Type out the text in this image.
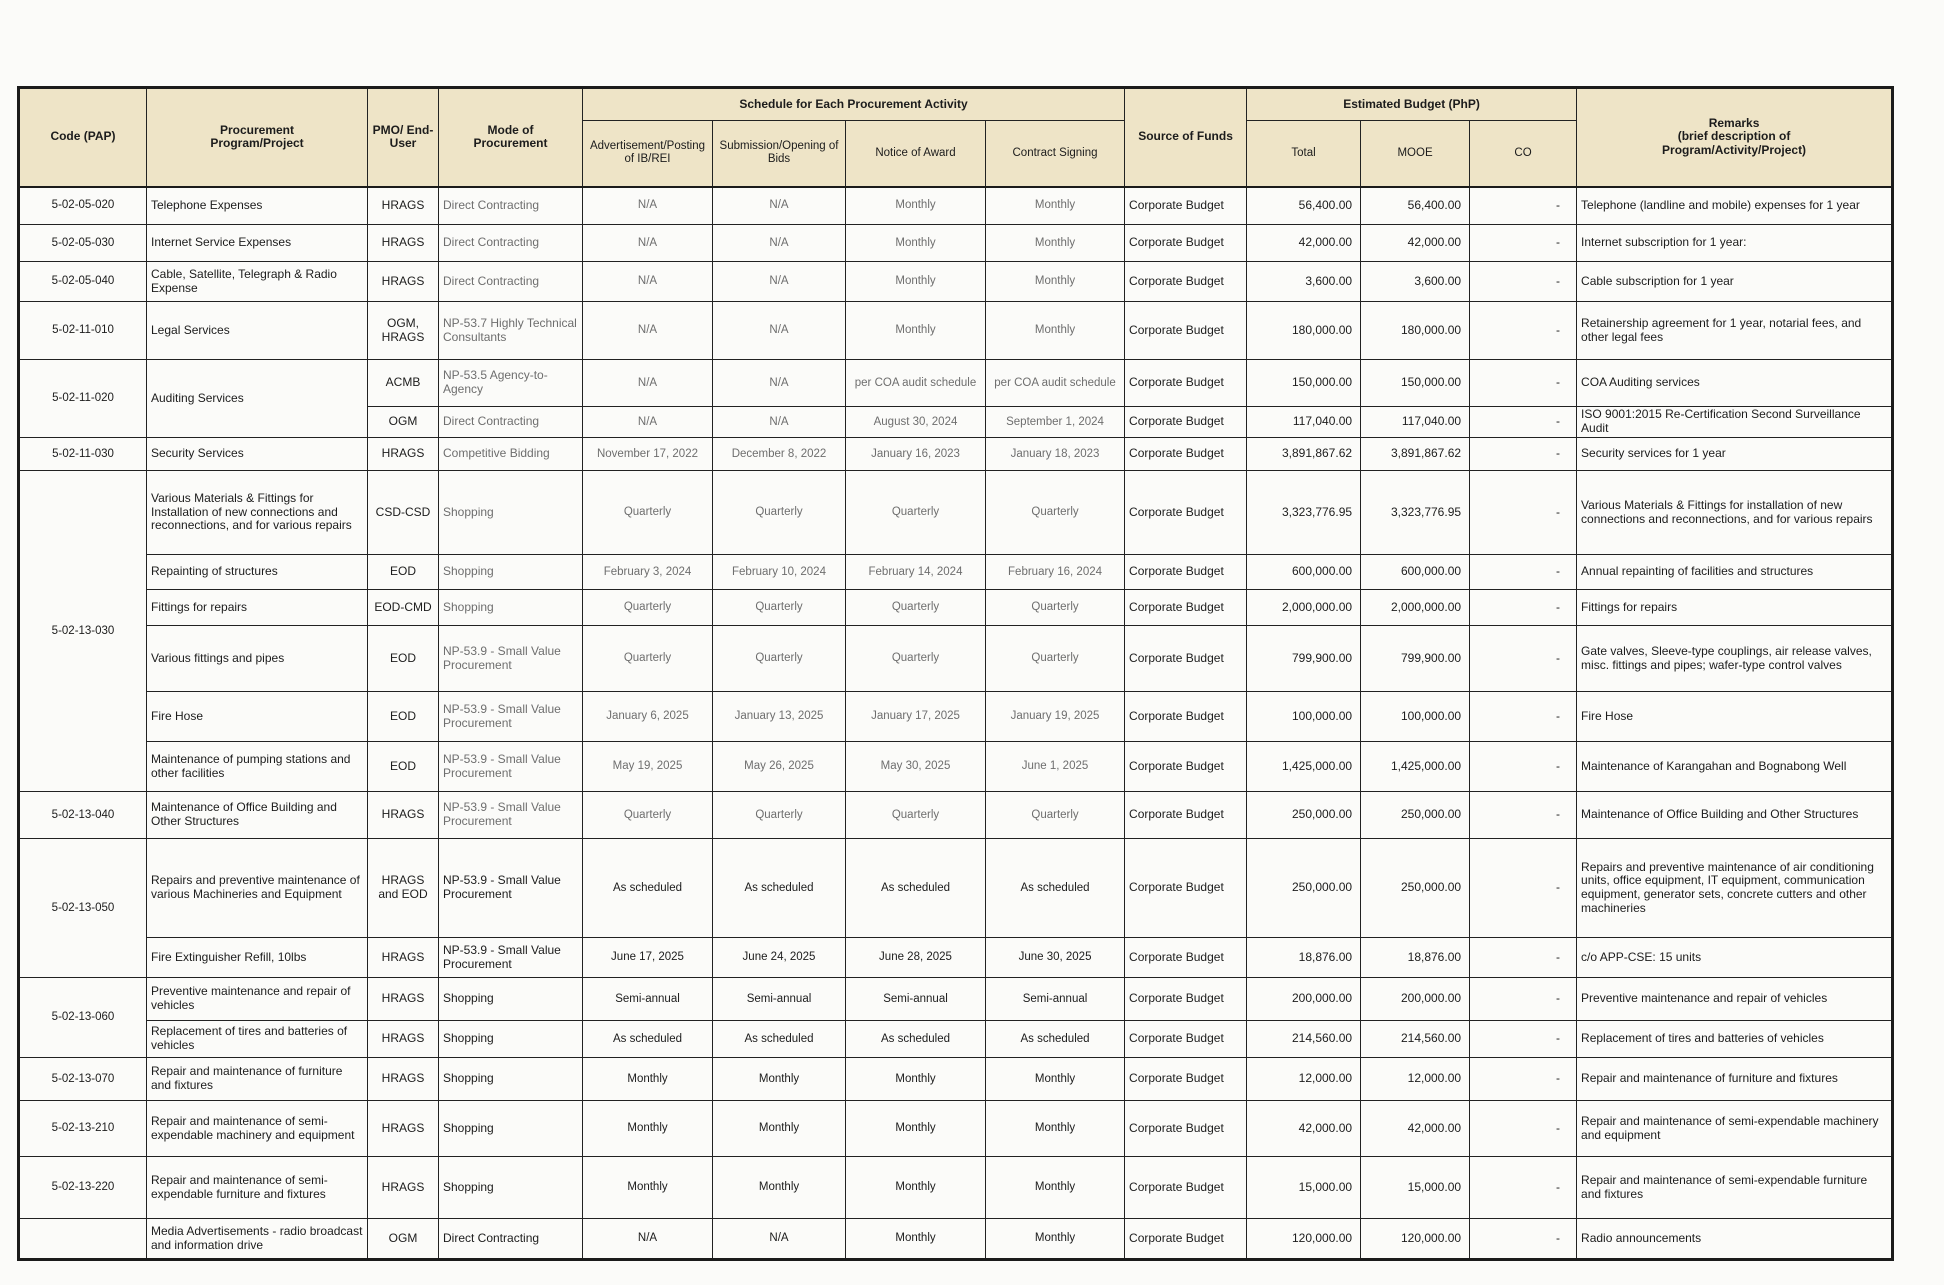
Code (PAP)	Procurement Program/Project	PMO/ End-User	Mode of Procurement	Schedule for Each Procurement Activity				Source of Funds	Estimated Budget (PhP)			Remarks
(brief description of Program/Activity/Project)
				Advertisement/Posting of IB/REI	Submission/Opening of Bids	Notice of Award	Contract Signing		Total	MOOE	CO	
5-02-05-020	Telephone Expenses	HRAGS	Direct Contracting	N/A	N/A	Monthly	Monthly	Corporate Budget	56,400.00	56,400.00	-	Telephone (landline and mobile) expenses for 1 year
5-02-05-030	Internet Service Expenses	HRAGS	Direct Contracting	N/A	N/A	Monthly	Monthly	Corporate Budget	42,000.00	42,000.00	-	Internet subscription for 1 year:
5-02-05-040	Cable, Satellite, Telegraph & Radio Expense	HRAGS	Direct Contracting	N/A	N/A	Monthly	Monthly	Corporate Budget	3,600.00	3,600.00	-	Cable subscription for 1 year
5-02-11-010	Legal Services	OGM, HRAGS	NP-53.7 Highly Technical Consultants	N/A	N/A	Monthly	Monthly	Corporate Budget	180,000.00	180,000.00	-	Retainership agreement for 1 year, notarial fees, and other legal fees
5-02-11-020	Auditing Services	ACMB	NP-53.5 Agency-to-Agency	N/A	N/A	per COA audit schedule	per COA audit schedule	Corporate Budget	150,000.00	150,000.00	-	COA Auditing services
		OGM	Direct Contracting	N/A	N/A	August 30, 2024	September 1, 2024	Corporate Budget	117,040.00	117,040.00	-	ISO 9001:2015 Re-Certification Second Surveillance Audit
5-02-11-030	Security Services	HRAGS	Competitive Bidding	November 17, 2022	December 8, 2022	January 16, 2023	January 18, 2023	Corporate Budget	3,891,867.62	3,891,867.62	-	Security services for 1 year
5-02-13-030	Various Materials & Fittings for Installation of new connections and reconnections, and for various repairs	CSD-CSD	Shopping	Quarterly	Quarterly	Quarterly	Quarterly	Corporate Budget	3,323,776.95	3,323,776.95	-	Various Materials & Fittings for installation of new connections and reconnections, and for various repairs
	Repainting of structures	EOD	Shopping	February 3, 2024	February 10, 2024	February 14, 2024	February 16, 2024	Corporate Budget	600,000.00	600,000.00	-	Annual repainting of facilities and structures
	Fittings for repairs	EOD-CMD	Shopping	Quarterly	Quarterly	Quarterly	Quarterly	Corporate Budget	2,000,000.00	2,000,000.00	-	Fittings for repairs
	Various fittings and pipes	EOD	NP-53.9 - Small Value Procurement	Quarterly	Quarterly	Quarterly	Quarterly	Corporate Budget	799,900.00	799,900.00	-	Gate valves, Sleeve-type couplings, air release valves, misc. fittings and pipes; wafer-type control valves
	Fire Hose	EOD	NP-53.9 - Small Value Procurement	January 6, 2025	January 13, 2025	January 17, 2025	January 19, 2025	Corporate Budget	100,000.00	100,000.00	-	Fire Hose
	Maintenance of pumping stations and other facilities	EOD	NP-53.9 - Small Value Procurement	May 19, 2025	May 26, 2025	May 30, 2025	June 1, 2025	Corporate Budget	1,425,000.00	1,425,000.00	-	Maintenance of Karangahan and Bognabong Well
5-02-13-040	Maintenance of Office Building and Other Structures	HRAGS	NP-53.9 - Small Value Procurement	Quarterly	Quarterly	Quarterly	Quarterly	Corporate Budget	250,000.00	250,000.00	-	Maintenance of Office Building and Other Structures
5-02-13-050	Repairs and preventive maintenance of various Machineries and Equipment	HRAGS and EOD	NP-53.9 - Small Value Procurement	As scheduled	As scheduled	As scheduled	As scheduled	Corporate Budget	250,000.00	250,000.00	-	Repairs and preventive maintenance of air conditioning units, office equipment, IT equipment, communication equipment, generator sets, concrete cutters and other machineries
	Fire Extinguisher Refill, 10lbs	HRAGS	NP-53.9 - Small Value Procurement	June 17, 2025	June 24, 2025	June 28, 2025	June 30, 2025	Corporate Budget	18,876.00	18,876.00	-	c/o APP-CSE: 15 units
5-02-13-060	Preventive maintenance and repair of vehicles	HRAGS	Shopping	Semi-annual	Semi-annual	Semi-annual	Semi-annual	Corporate Budget	200,000.00	200,000.00	-	Preventive maintenance and repair of vehicles
	Replacement of tires and batteries of vehicles	HRAGS	Shopping	As scheduled	As scheduled	As scheduled	As scheduled	Corporate Budget	214,560.00	214,560.00	-	Replacement of tires and batteries of vehicles
5-02-13-070	Repair and maintenance of furniture and fixtures	HRAGS	Shopping	Monthly	Monthly	Monthly	Monthly	Corporate Budget	12,000.00	12,000.00	-	Repair and maintenance of furniture and fixtures
5-02-13-210	Repair and maintenance of semi-expendable machinery and equipment	HRAGS	Shopping	Monthly	Monthly	Monthly	Monthly	Corporate Budget	42,000.00	42,000.00	-	Repair and maintenance of semi-expendable machinery and equipment
5-02-13-220	Repair and maintenance of semi-expendable furniture and fixtures	HRAGS	Shopping	Monthly	Monthly	Monthly	Monthly	Corporate Budget	15,000.00	15,000.00	-	Repair and maintenance of semi-expendable furniture and fixtures
	Media Advertisements - radio broadcast and information drive	OGM	Direct Contracting	N/A	N/A	Monthly	Monthly	Corporate Budget	120,000.00	120,000.00	-	Radio announcements
